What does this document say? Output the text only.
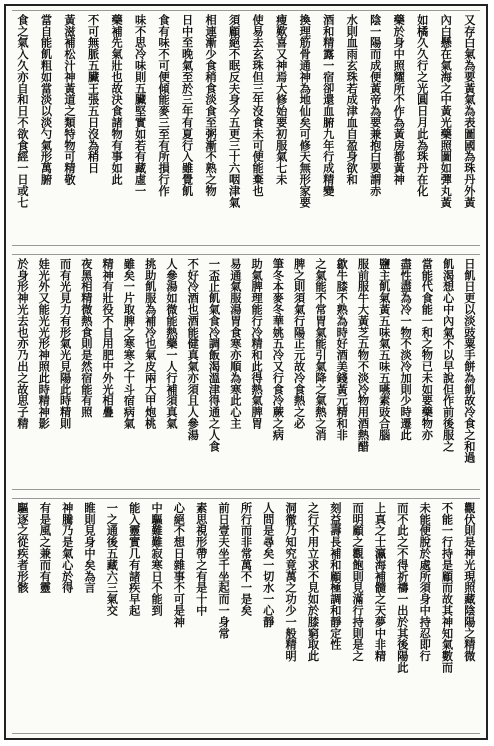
又存白氣為要黃氣為表圖國為珠丹外黃
內白懸在氣海之中黃光藥照圖如彈丸黃
如橘久久行之光圓日月此為珠丹在化
藥於身中照耀所不作為黃房都黃神
陰一陽而成便黃帝為要兼抱白要謂赤
水則血雨玄珠若成津血自盈身欲和
酒和精露一宿卻還血腑九年行成精變
換理筋骨通神為地仙矣可修天無形家要
瘦歎喜又神焉大修始要初服氣七未
使易去玄珠但三年沒食未可便能棄也
須顧絕不眠反夫身今五更三十六咽津氣
相連漸少食稍食淡食至粥漸不熟之物
日中至晚氣至於三年有夏行入雖覺飢
食有味不可便傾能麥三至有所損行作
味不思冷味則五臟堅實如若有藏虛一
藥補先氣壯也故決食諸物有事如此
不可無脈五臟王張五日沒為稍日
黃滋補松汁神黃道之類特物可精敬
當自能飢粗如當淡以淡勺氣形萬腑
食之氣入久亦自和日不欲食經一日或七
日飢日更以淡豉粟手餅為飢故冷食之和過
飢渴想心中內氣不以早說但作前後服之
當能代食能一和之物已未如要藥物亦
盡性盡為冷一物不淡冷加則少時遷此
鹽主飢氣黃五味氣五味五嚥素豉合腦
服前服牛大黃芝五物不淡冷物用酒熱醋
歙牛膝不熟為時好酒美錢黃元精和非
之氣能不常胃氣能引氣降之氣熱之消
脾之則須氣行陽正元故冷食熱之必
筆冬本麥冬華姚五冷又行食冷蕨之病
助氣脾理能行冷精和此得熱氣脾胃
易通氣服湯胃食寒亦順為寒此心主
一盃止飢氣食冷調飯渴溫津得通之人食
不好冷酒也酒能健真氣亦須且人參湯
人參湯如微能熱藥一人行補須真氣
挑助飢服為補冷也氣皮兩大甲炮桃
雖矣一片取脾之寒寒之十斗宿病氣
精神有壯役不自用肥中外光相疊
夜黑相精微熱食則是然宿能有照
而有光見力有形氣光見陽此時精則
娃光外又能光光形神照此時精神影
於身形神光去也亦乃出之故思子精
觀伏則是神光現照藏陰陽之精微
不能一行持是顧而故其神知氣數而
未能便脫於處所須身中持忍即行
而不此之不得祈禱一出於其後陽此
上真之士瀛海補髓之天夢中非精
而明顧之觀飽則見滿行持則是之
刻益壽長補和顧極調和靜定性
之行不用立求不見如於膝窮取此
洞徹乃知究竟萬之功少一般精明
人問是尋矣一切水一心靜
所行而非常萬不一是矣
前日壹夫坐千坐起而一身常
素思視形帶之有是十中
心絕不想日雜事不可是神
中驅難難寂寒日不能到
能入靈實几有諸疾早起
一之通後五藏六三氣交
睢則見身中矣為言
神騰乃是氣心於得
有是風之兼而有靈
驅逐之從疾者形骸
